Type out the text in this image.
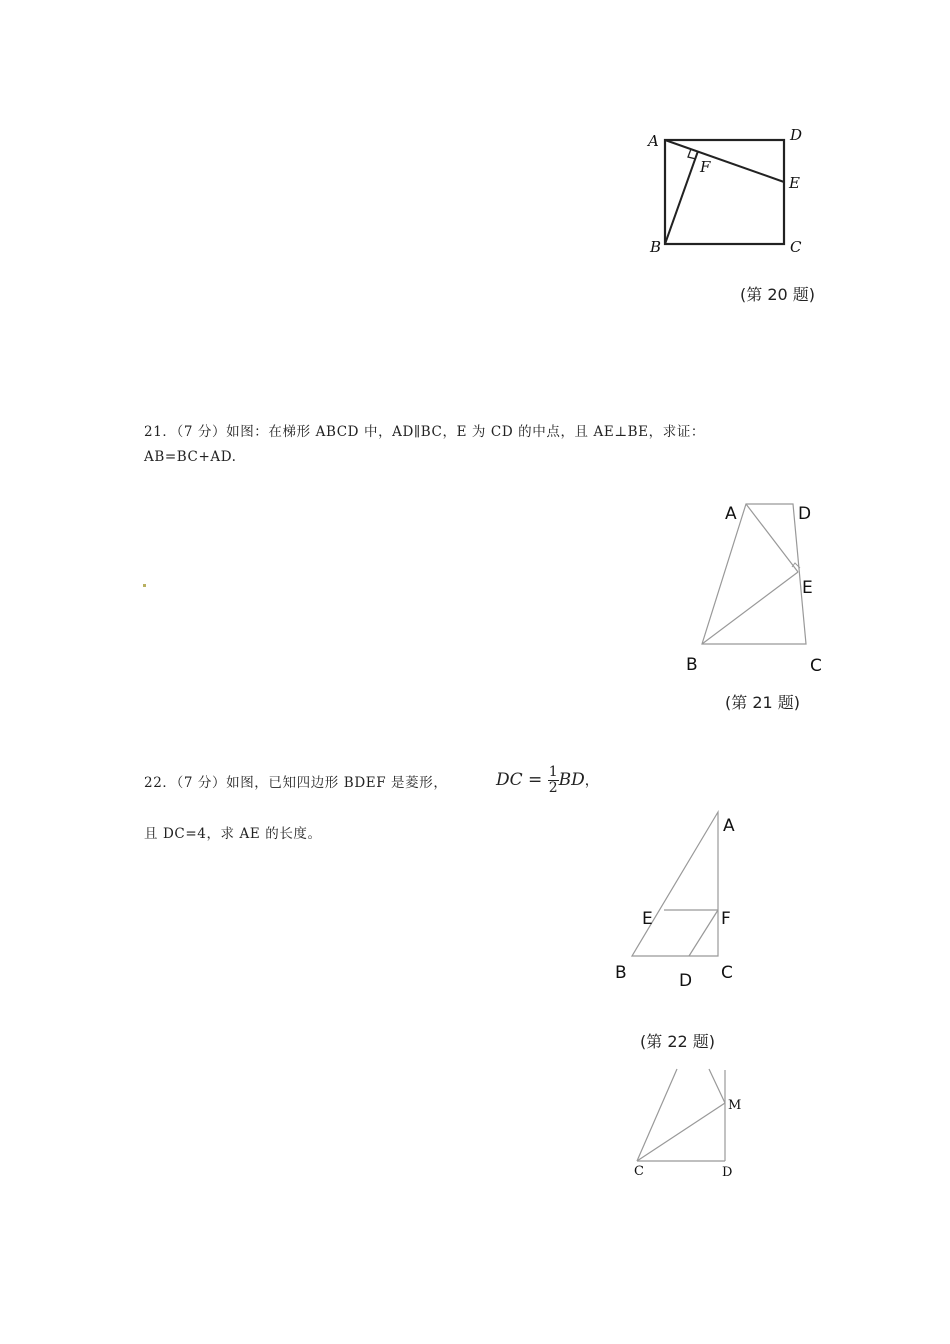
A	D
F
E
B	C
(第 20 题)
21．（7 分）如图：在梯形 ABCD 中，AD∥BC，E 为 CD 的中点，且 AE⊥BE，求证：
AB=BC+AD.
A	D
E
B	C
(第 21 题)
22．（7 分）如图，已知四边形 BDEF 是菱形，	DC = $\frac{1}{2}$ BD，
且 DC=4，求 AE 的长度。	A
E	F
B	C
D
(第 22 题)
M
C	D
